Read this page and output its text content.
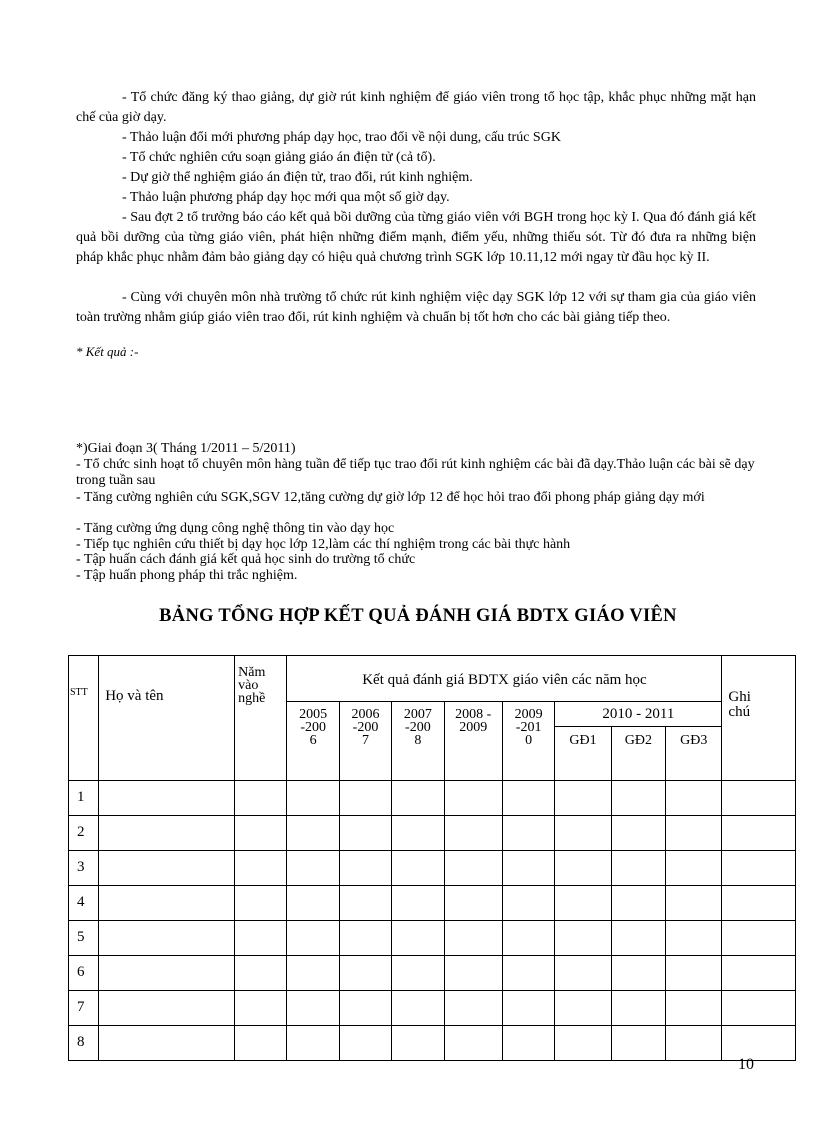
- Tổ chức đăng ký thao giảng, dự giờ rút kinh nghiệm để giáo viên trong tổ học tập, khắc phục những mặt hạn chế của giờ dạy.

- Thảo luận đổi mới phương pháp dạy học, trao đổi về nội dung, cấu trúc SGK

- Tổ chức nghiên cứu soạn giảng giáo án điện tử (cả tổ).

- Dự giờ thể nghiệm giáo án điện tử, trao đổi, rút kinh nghiệm.

- Thảo luận phương pháp dạy học mới qua một số giờ dạy.

- Sau đợt 2 tổ trưởng báo cáo kết quả bồi dưỡng của từng giáo viên với BGH trong học kỳ I. Qua đó đánh giá kết quả bồi dưỡng của từng giáo viên, phát hiện những điểm mạnh, điểm yếu, những thiếu sót. Từ đó đưa ra những biện pháp khắc phục nhằm đảm bảo giảng dạy có hiệu quả chương trình SGK lớp 10.11,12 mới ngay từ đầu học kỳ II.

- Cùng với chuyên môn nhà trường tổ chức rút kinh nghiệm việc dạy SGK lớp 12 với sự tham gia của giáo viên toàn trường nhằm giúp giáo viên trao đổi, rút kinh nghiệm và chuẩn bị tốt hơn cho các bài giảng tiếp theo.

* Kết quả :-

*)Giai đoạn 3( Tháng 1/2011 – 5/2011)

- Tổ chức sinh hoạt tổ chuyên môn hàng tuần để tiếp tục trao đổi rút kinh nghiệm các bài đã dạy.Thảo luận các bài sẽ dạy trong tuần sau

- Tăng cường nghiên cứu SGK,SGV 12,tăng cường dự giờ lớp 12 để học hỏi trao đổi phong pháp giảng dạy mới

- Tăng cường ứng dụng công nghệ thông tin vào dạy học

- Tiếp tục nghiên cứu thiết bị dạy học lớp 12,làm các thí nghiệm trong các bài thực hành

- Tập huấn cách đánh giá kết quả học sinh do trường tổ chức

- Tập huấn phong pháp thi trắc nghiệm.

BẢNG TỔNG HỢP KẾT QUẢ ĐÁNH GIÁ BDTX GIÁO VIÊN
STT	Họ và tên	Năm vào nghề	Kết quả đánh giá BDTX giáo viên các năm học								Ghi chú

			2005-2006	2006-2007	2007-2008	2008 - 2009	2009-2010	2010 - 2011			
								GĐ1	GĐ2	GĐ3	
1											
2											
3											
4											
5											
6											
7											
8											

10
